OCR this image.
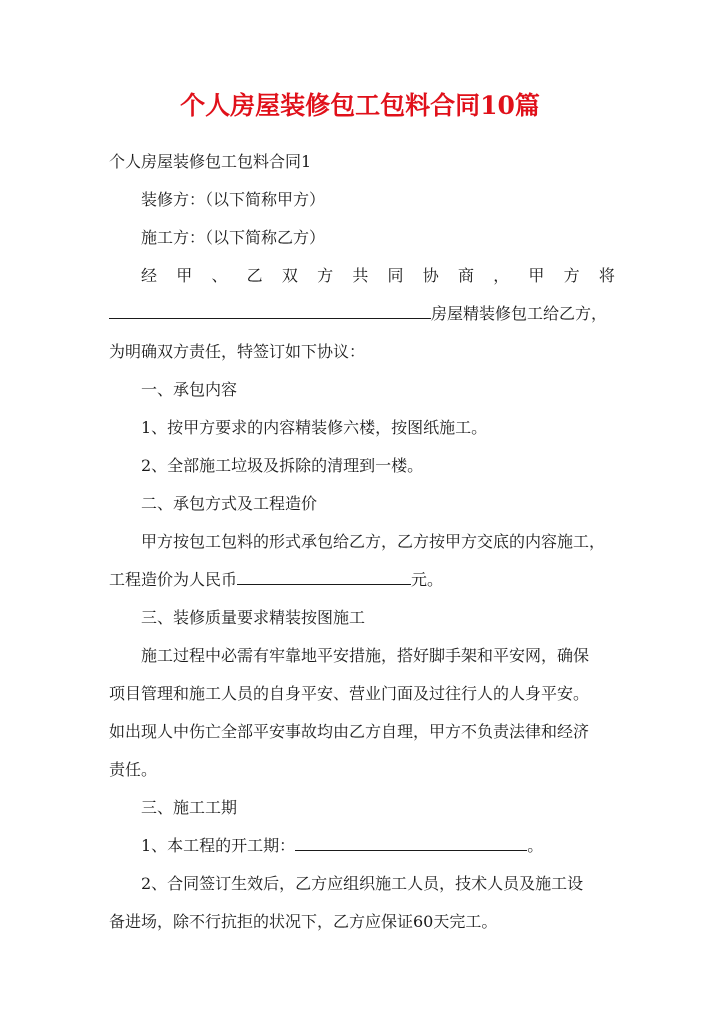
个人房屋装修包工包料合同10篇
个人房屋装修包工包料合同1
装修方：（以下简称甲方）
施工方：（以下简称乙方）
经 甲 、 乙 双 方 共 同 协 商 ， 甲 方 将
房屋精装修包工给乙方，
为明确双方责任，特签订如下协议：
一、承包内容
1、按甲方要求的内容精装修六楼，按图纸施工。
2、全部施工垃圾及拆除的清理到一楼。
二、承包方式及工程造价
甲方按包工包料的形式承包给乙方，乙方按甲方交底的内容施工，
工程造价为人民币	元。
三、装修质量要求精装按图施工
施工过程中必需有牢靠地平安措施，搭好脚手架和平安网，确保
项目管理和施工人员的自身平安、营业门面及过往行人的人身平安。
如出现人中伤亡全部平安事故均由乙方自理，甲方不负责法律和经济
责任。
三、施工工期
1、本工程的开工期：	。
2、合同签订生效后，乙方应组织施工人员，技术人员及施工设
备进场，除不行抗拒的状况下，乙方应保证60天完工。
